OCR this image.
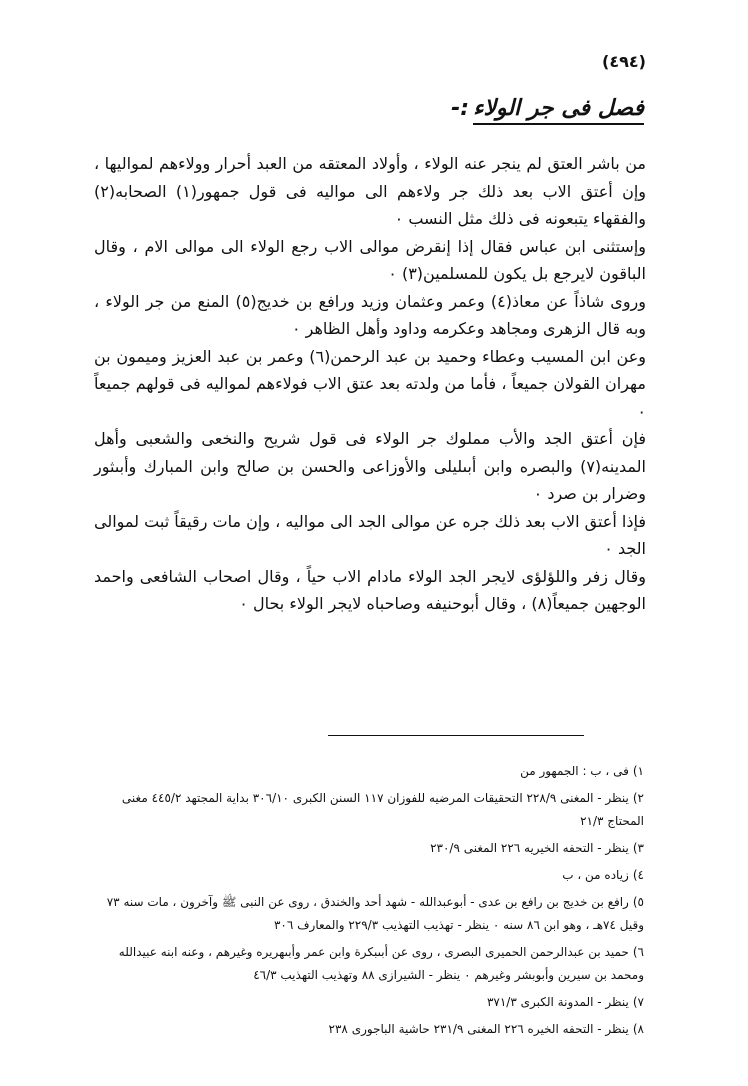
(٤٩٤)
فصل فى جر الولاء:-

من باشر العتق لم ينجر عنه الولاء ، وأولاد المعتقه من العبد أحرار وولاءهم لمواليها ، وإن أعتق الاب بعد ذلك جر ولاءهم الى مواليه فى قول جمهور(١) الصحابه(٢) والفقهاء يتبعونه فى ذلك مثل النسب ٠

وإستثنى ابن عباس فقال إذا إنقرض موالى الاب رجع الولاء الى موالى الام ، وقال الباقون لايرجع بل يكون للمسلمين(٣) ٠

وروى شاذاً عن معاذ(٤) وعمر وعثمان وزيد ورافع بن خديج(٥) المنع من جر الولاء ، وبه قال الزهرى ومجاهد وعكرمه وداود وأهل الظاهر ٠

وعن ابن المسيب وعطاء وحميد بن عبد الرحمن(٦) وعمر بن عبد العزيز وميمون بن مهران القولان جميعاً ، فأما من ولدته بعد عتق الاب فولاءهم لمواليه فى قولهم جميعاً ٠

فإن أعتق الجد والأب مملوك جر الولاء فى قول شريح والنخعى والشعبى وأهل المدينه(٧) والبصره وابن أبىليلى والأوزاعى والحسن بن صالح وابن المبارك وأبىثور وضرار بن صرد ٠

فإذا أعتق الاب بعد ذلك جره عن موالى الجد الى مواليه ، وإن مات رقيقاً ثبت لموالى الجد ٠

وقال زفر واللؤلؤى لايجر الجد الولاء مادام الاب حياً ، وقال اصحاب الشافعى واحمد الوجهين جميعاً(٨) ، وقال أبوحنيفه وصاحباه لايجر الولاء بحال ٠

١)فى ، ب : الجمهور من

٢)ينظر - المغنى ٢٢٨/٩ التحقيقات المرضيه للفوزان ١١٧ السنن الكبرى ٣٠٦/١٠ بداية المجتهد ٤٤٥/٢ مغنى المحتاج ٢١/٣

٣)ينظر - التحفه الخيريه ٢٢٦ المغنى ٢٣٠/٩

٤)زياده من ، ب

٥)رافع بن خديج بن رافع بن عدى - أبوعبدالله - شهد أحد والخندق ، روى عن النبى ﷺ وآخرون ، مات سنه ٧٣ وقيل ٧٤هـ ، وهو ابن ٨٦ سنه ٠ ينظر - تهذيب التهذيب ٢٢٩/٣ والمعارف ٣٠٦

٦)حميد بن عبدالرحمن الحميرى البصرى ، روى عن أبىبكرة وابن عمر وأبىهريره وغيرهم ، وعنه ابنه عبيدالله ومحمد بن سيرين وأبوبشر وغيرهم ٠ ينظر - الشيرازى ٨٨ وتهذيب التهذيب ٤٦/٣

٧)ينظر - المدونة الكبرى ٣٧١/٣

٨)ينظر - التحفه الخيره ٢٢٦ المغنى ٢٣١/٩ حاشية الباجورى ٢٣٨
